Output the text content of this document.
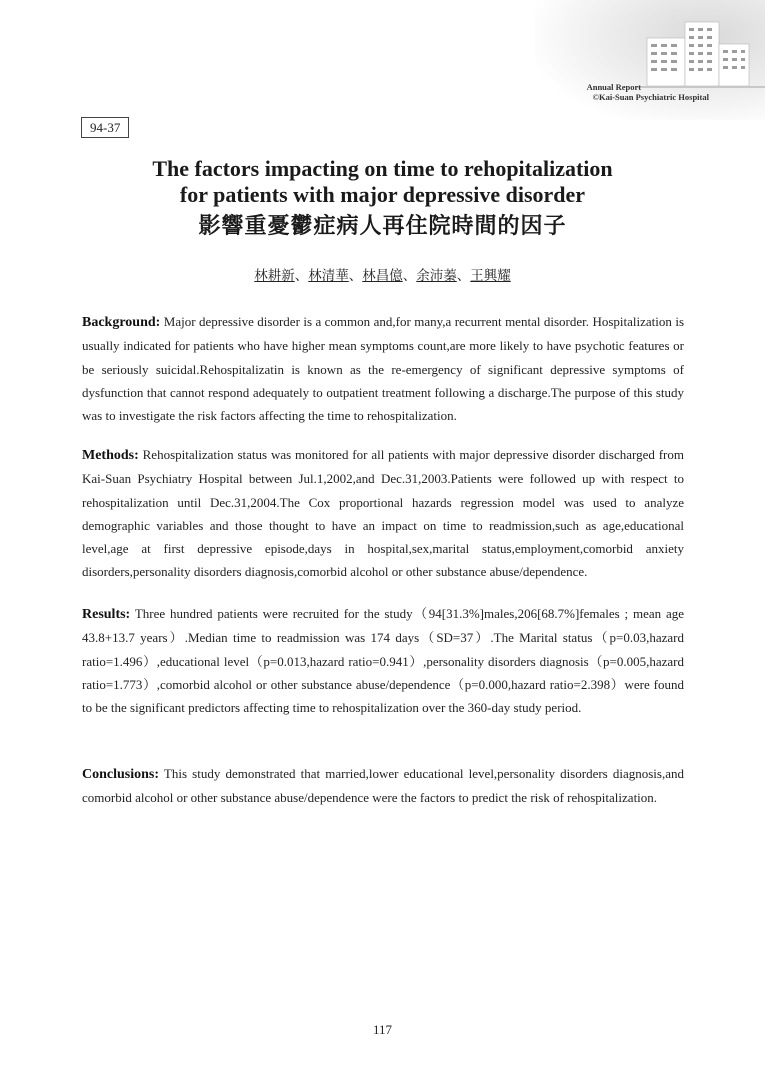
Annual Report
©Kai-Suan Psychiatric Hospital
94-37
The factors impacting on time to rehopitalization
for patients with major depressive disorder
影響重憂鬱症病人再住院時間的因子
林耕新、林清華、林昌億、余沛蓁、王興耀
Background: Major depressive disorder is a common and,for many,a recurrent mental disorder. Hospitalization is usually indicated for patients who have higher mean symptoms count,are more likely to have psychotic features or be seriously suicidal.Rehospitalizatin is known as the re-emergency of significant depressive symptoms of dysfunction that cannot respond adequately to outpatient treatment following a discharge.The purpose of this study was to investigate the risk factors affecting the time to rehospitalization.
Methods: Rehospitalization status was monitored for all patients with major depressive disorder discharged from Kai-Suan Psychiatry Hospital between Jul.1,2002,and Dec.31,2003.Patients were followed up with respect to rehospitalization until Dec.31,2004.The Cox proportional hazards regression model was used to analyze demographic variables and those thought to have an impact on time to readmission,such as age,educational level,age at first depressive episode,days in hospital,sex,marital status,employment,comorbid anxiety disorders,personality disorders diagnosis,comorbid alcohol or other substance abuse/dependence.
Results: Three hundred patients were recruited for the study（94[31.3%]males,206[68.7%]females ; mean age 43.8+13.7 years）.Median time to readmission was 174 days（SD=37）.The Marital status（p=0.03,hazard ratio=1.496）,educational level（p=0.013,hazard ratio=0.941）,personality disorders diagnosis（p=0.005,hazard ratio=1.773）,comorbid alcohol or other substance abuse/dependence（p=0.000,hazard ratio=2.398）were found to be the significant predictors affecting time to rehospitalization over the 360-day study period.
Conclusions: This study demonstrated that married,lower educational level,personality disorders diagnosis,and comorbid alcohol or other substance abuse/dependence were the factors to predict the risk of rehospitalization.
117
